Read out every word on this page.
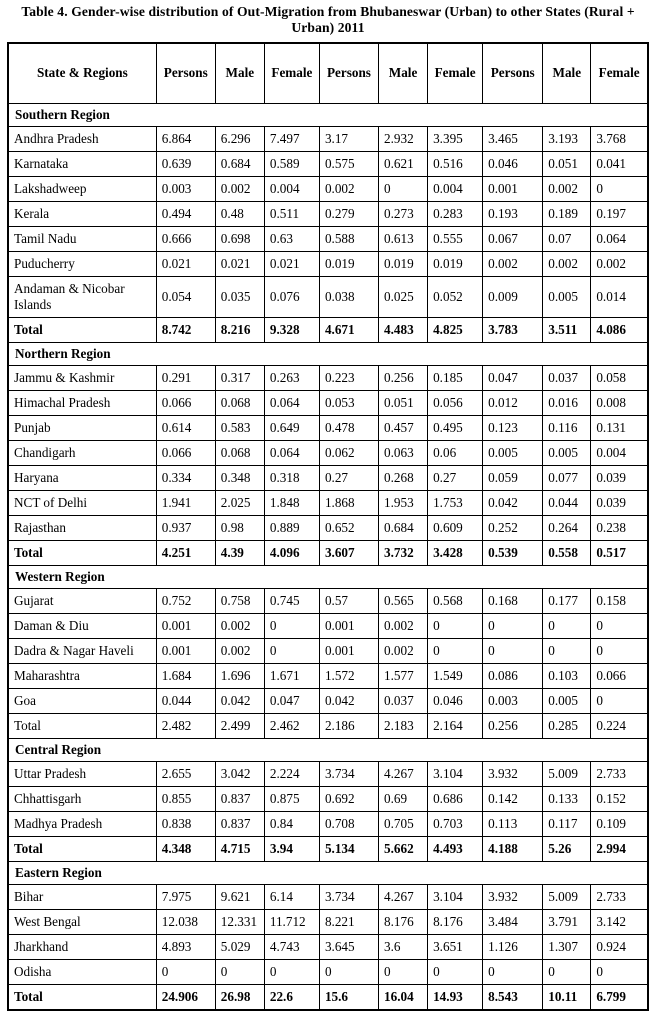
Table 4. Gender-wise distribution of Out-Migration from Bhubaneswar (Urban) to other States (Rural + Urban) 2011
State & Regions	Persons	Male	Female	Persons	Male	Female	Persons	Male	Female
Southern Region									
Andhra Pradesh	6.864	6.296	7.497	3.17	2.932	3.395	3.465	3.193	3.768
Karnataka	0.639	0.684	0.589	0.575	0.621	0.516	0.046	0.051	0.041
Lakshadweep	0.003	0.002	0.004	0.002	0	0.004	0.001	0.002	0
Kerala	0.494	0.48	0.511	0.279	0.273	0.283	0.193	0.189	0.197
Tamil Nadu	0.666	0.698	0.63	0.588	0.613	0.555	0.067	0.07	0.064
Puducherry	0.021	0.021	0.021	0.019	0.019	0.019	0.002	0.002	0.002
Andaman & Nicobar Islands	0.054	0.035	0.076	0.038	0.025	0.052	0.009	0.005	0.014
Total	8.742	8.216	9.328	4.671	4.483	4.825	3.783	3.511	4.086
Northern Region									
Jammu & Kashmir	0.291	0.317	0.263	0.223	0.256	0.185	0.047	0.037	0.058
Himachal Pradesh	0.066	0.068	0.064	0.053	0.051	0.056	0.012	0.016	0.008
Punjab	0.614	0.583	0.649	0.478	0.457	0.495	0.123	0.116	0.131
Chandigarh	0.066	0.068	0.064	0.062	0.063	0.06	0.005	0.005	0.004
Haryana	0.334	0.348	0.318	0.27	0.268	0.27	0.059	0.077	0.039
NCT of Delhi	1.941	2.025	1.848	1.868	1.953	1.753	0.042	0.044	0.039
Rajasthan	0.937	0.98	0.889	0.652	0.684	0.609	0.252	0.264	0.238
Total	4.251	4.39	4.096	3.607	3.732	3.428	0.539	0.558	0.517
Western Region									
Gujarat	0.752	0.758	0.745	0.57	0.565	0.568	0.168	0.177	0.158
Daman & Diu	0.001	0.002	0	0.001	0.002	0	0	0	0
Dadra & Nagar Haveli	0.001	0.002	0	0.001	0.002	0	0	0	0
Maharashtra	1.684	1.696	1.671	1.572	1.577	1.549	0.086	0.103	0.066
Goa	0.044	0.042	0.047	0.042	0.037	0.046	0.003	0.005	0
Total	2.482	2.499	2.462	2.186	2.183	2.164	0.256	0.285	0.224
Central Region									
Uttar Pradesh	2.655	3.042	2.224	3.734	4.267	3.104	3.932	5.009	2.733
Chhattisgarh	0.855	0.837	0.875	0.692	0.69	0.686	0.142	0.133	0.152
Madhya Pradesh	0.838	0.837	0.84	0.708	0.705	0.703	0.113	0.117	0.109
Total	4.348	4.715	3.94	5.134	5.662	4.493	4.188	5.26	2.994
Eastern Region									
Bihar	7.975	9.621	6.14	3.734	4.267	3.104	3.932	5.009	2.733
West Bengal	12.038	12.331	11.712	8.221	8.176	8.176	3.484	3.791	3.142
Jharkhand	4.893	5.029	4.743	3.645	3.6	3.651	1.126	1.307	0.924
Odisha	0	0	0	0	0	0	0	0	0
Total	24.906	26.98	22.6	15.6	16.04	14.93	8.543	10.11	6.799
